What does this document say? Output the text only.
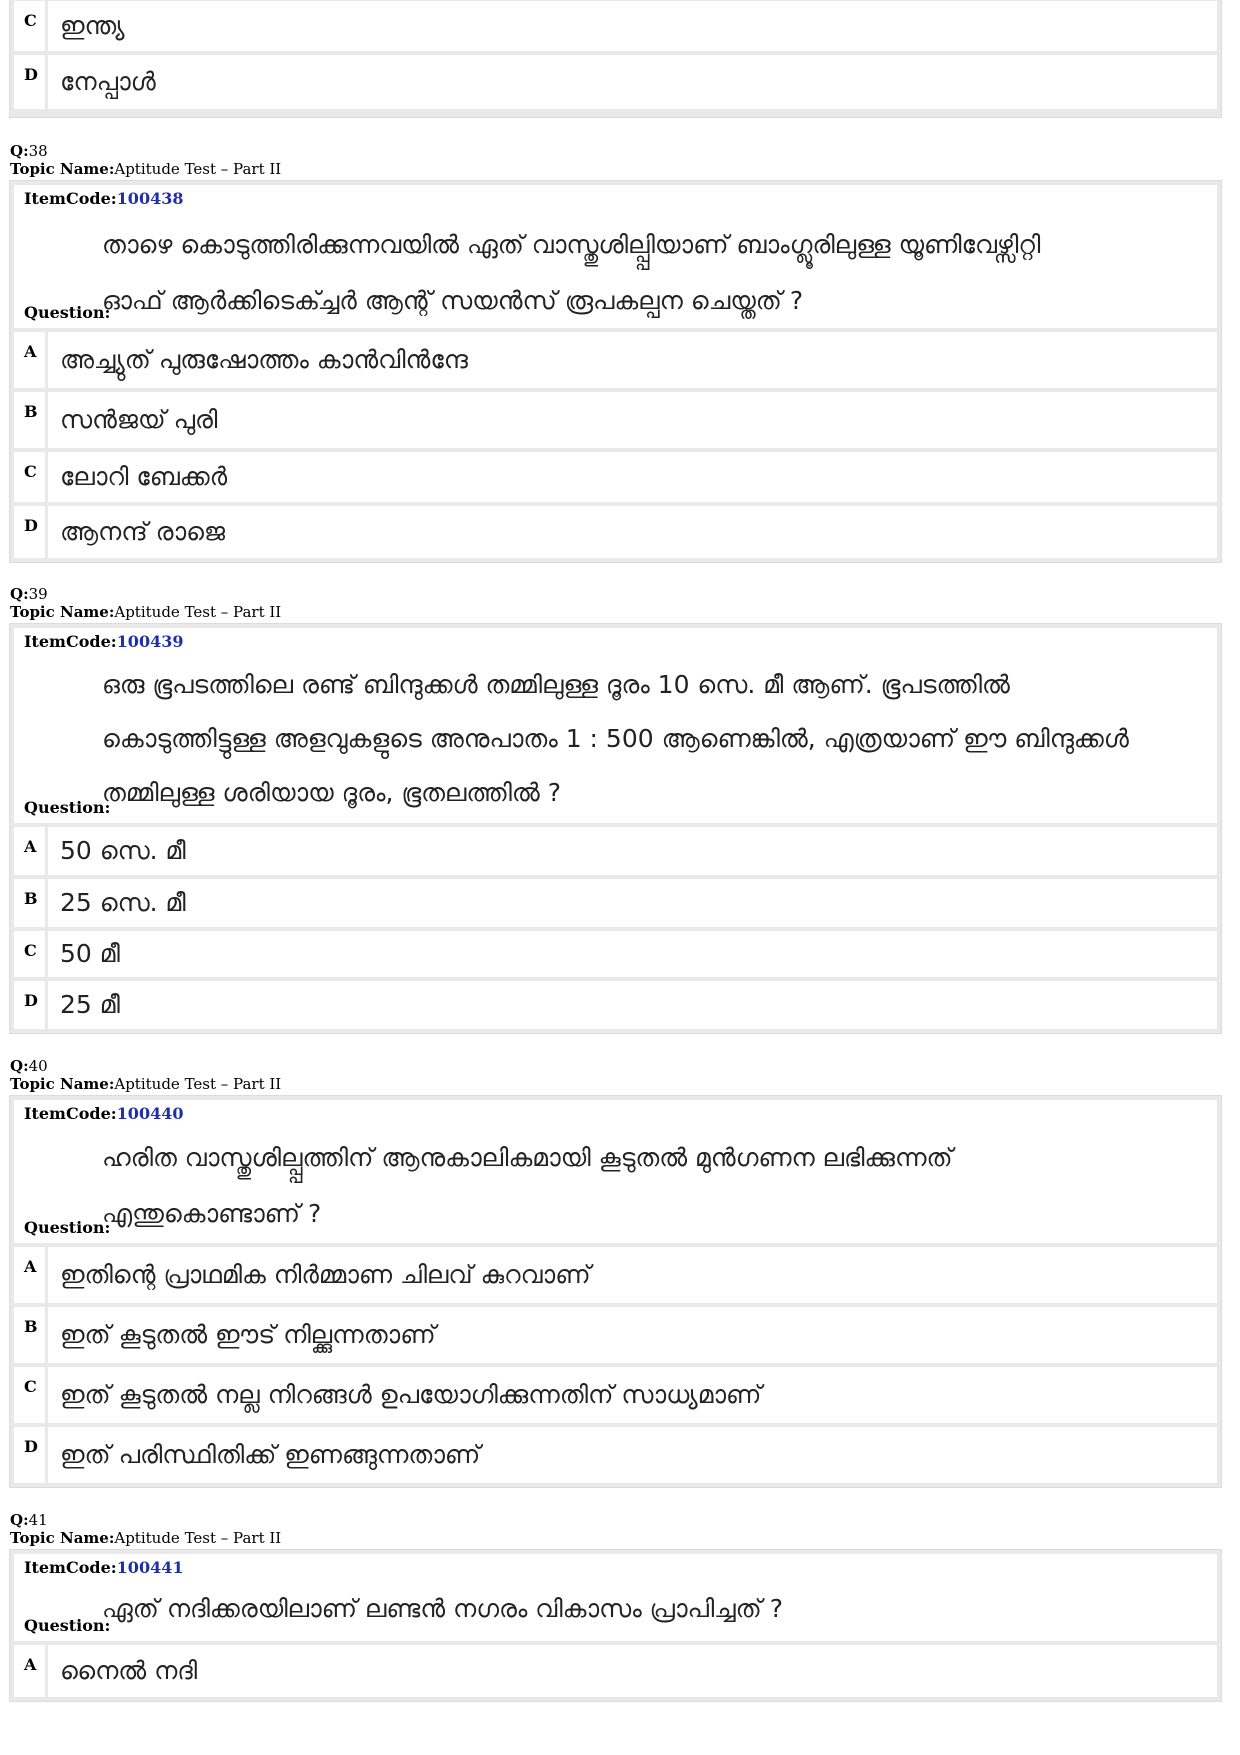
C ഇന്ത്യ
D നേപ്പാൾ
Q:38
Topic Name:Aptitude Test – Part II
ItemCode:100438
താഴെ കൊടുത്തിരിക്കുന്നവയിൽ ഏത് വാസ്തുശില്പ്പിയാണ് ബാംഗ്ലൂരിലുള്ള യൂണിവേഴ്സിറ്റി
ഓഫ് ആർക്കിടെക്ച്ചർ ആന്റ് സയൻസ് രൂപകല്പന ചെയ്തത് ?
Question:
A അച്ച്യുത് പുരുഷോത്തം കാൻവിൻന്ദേ
B സൻജയ് പുരി
C ലോറി ബേക്കർ
D ആനന്ദ് രാജെ
Q:39
Topic Name:Aptitude Test – Part II
ItemCode:100439
ഒരു ഭൂപടത്തിലെ രണ്ട് ബിന്ദുക്കൾ തമ്മിലുള്ള ദൂരം 10 സെ. മീ ആണ്. ഭൂപടത്തിൽ
കൊടുത്തിട്ടുള്ള അളവുകളുടെ അനുപാതം 1 : 500 ആണെങ്കിൽ, എത്രയാണ് ഈ ബിന്ദുക്കൾ
തമ്മിലുള്ള ശരിയായ ദൂരം, ഭൂതലത്തിൽ ?
Question:
A 50 സെ. മീ
B 25 സെ. മീ
C 50 മീ
D 25 മീ
Q:40
Topic Name:Aptitude Test – Part II
ItemCode:100440
ഹരിത വാസ്തുശില്പ്പത്തിന് ആനുകാലികമായി കൂടുതൽ മുൻഗണന ലഭിക്കുന്നത്
എന്തുകൊണ്ടാണ് ?
Question:
A ഇതിന്റെ പ്രാഥമിക നിർമ്മാണ ചിലവ് കുറവാണ്
B ഇത് കൂടുതൽ ഈട് നില്ക്കുന്നതാണ്
C ഇത് കൂടുതൽ നല്ല നിറങ്ങൾ ഉപയോഗിക്കുന്നതിന് സാധ്യമാണ്
D ഇത് പരിസ്ഥിതിക്ക് ഇണങ്ങുന്നതാണ്
Q:41
Topic Name:Aptitude Test – Part II
ItemCode:100441
ഏത് നദിക്കരയിലാണ് ലണ്ടൻ നഗരം വികാസം പ്രാപിച്ചത് ?
Question:
A നൈൽ നദി
